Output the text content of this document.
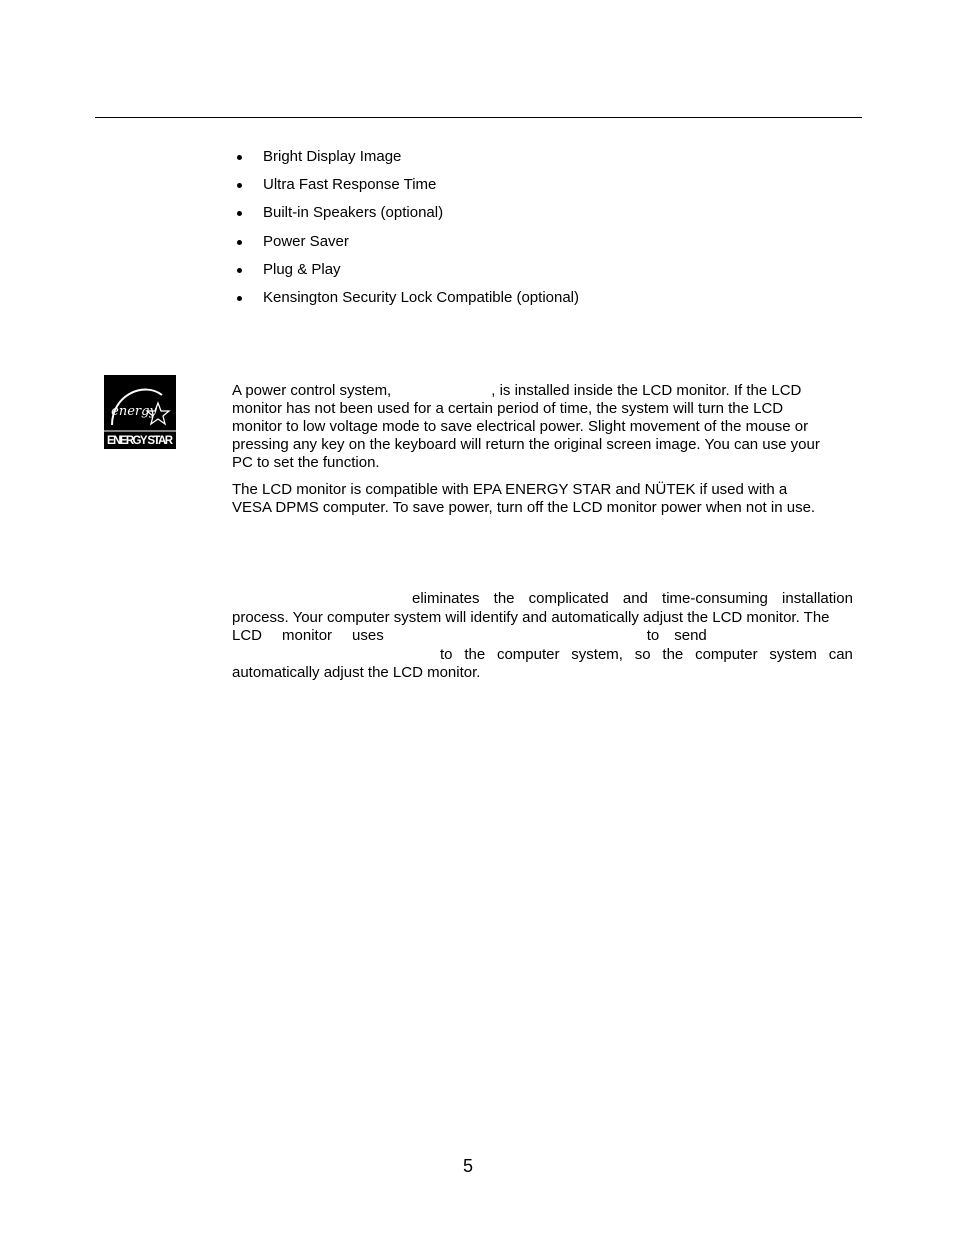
Bright Display Image
Ultra Fast Response Time
Built-in Speakers (optional)
Power Saver
Plug & Play
Kensington Security Lock Compatible (optional)
energy
ENERGY STAR

A power control system,	, is installed inside the LCD monitor. If the LCD
monitor has not been used for a certain period of time, the system will turn the LCD
monitor to low voltage mode to save electrical power. Slight movement of the mouse or
pressing any key on the keyboard will return the original screen image. You can use your
PC to set the function.

The LCD monitor is compatible with EPA ENERGY STAR and NÜTEK if used with a
VESA DPMS computer. To save power, turn off the LCD monitor power when not in use.

eliminates the complicated and time-consuming installation
process. Your computer system will identify and automatically adjust the LCD monitor. The
LCD monitor uses	to send
to the computer system, so the computer system can
automatically adjust the LCD monitor.
5
